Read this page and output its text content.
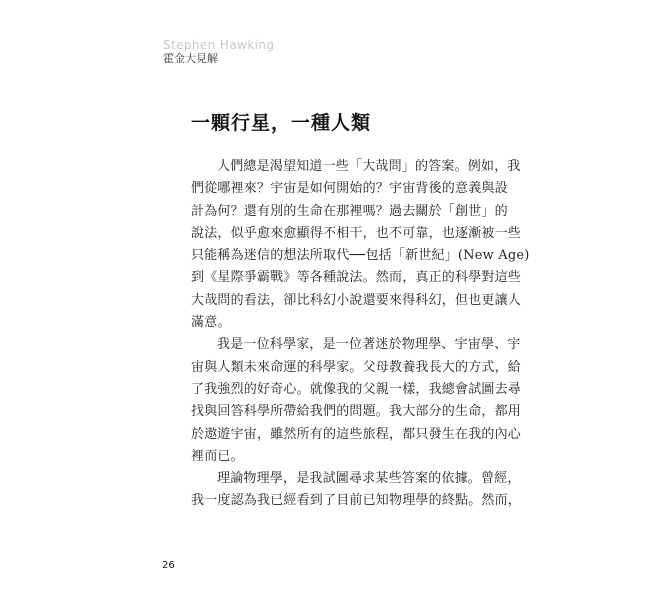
Stephen Hawking
霍金大見解
一顆行星，一種人類
人們總是渴望知道一些「大哉問」的答案。例如，我
們從哪裡來？宇宙是如何開始的？宇宙背後的意義與設
計為何？還有別的生命在那裡嗎？過去關於「創世」的
說法，似乎愈來愈顯得不相干，也不可靠，也逐漸被一些
只能稱為迷信的想法所取代──包括「新世紀」(New Age)
到《星際爭霸戰》等各種說法。然而，真正的科學對這些
大哉問的看法，卻比科幻小說還要來得科幻，但也更讓人
滿意。
我是一位科學家，是一位著迷於物理學、宇宙學、宇
宙與人類未來命運的科學家。父母教養我長大的方式，給
了我強烈的好奇心。就像我的父親一樣，我總會試圖去尋
找與回答科學所帶給我們的問題。我大部分的生命，都用
於遨遊宇宙，雖然所有的這些旅程，都只發生在我的內心
裡而已。
理論物理學，是我試圖尋求某些答案的依據。曾經，
我一度認為我已經看到了目前已知物理學的終點。然而，
26
